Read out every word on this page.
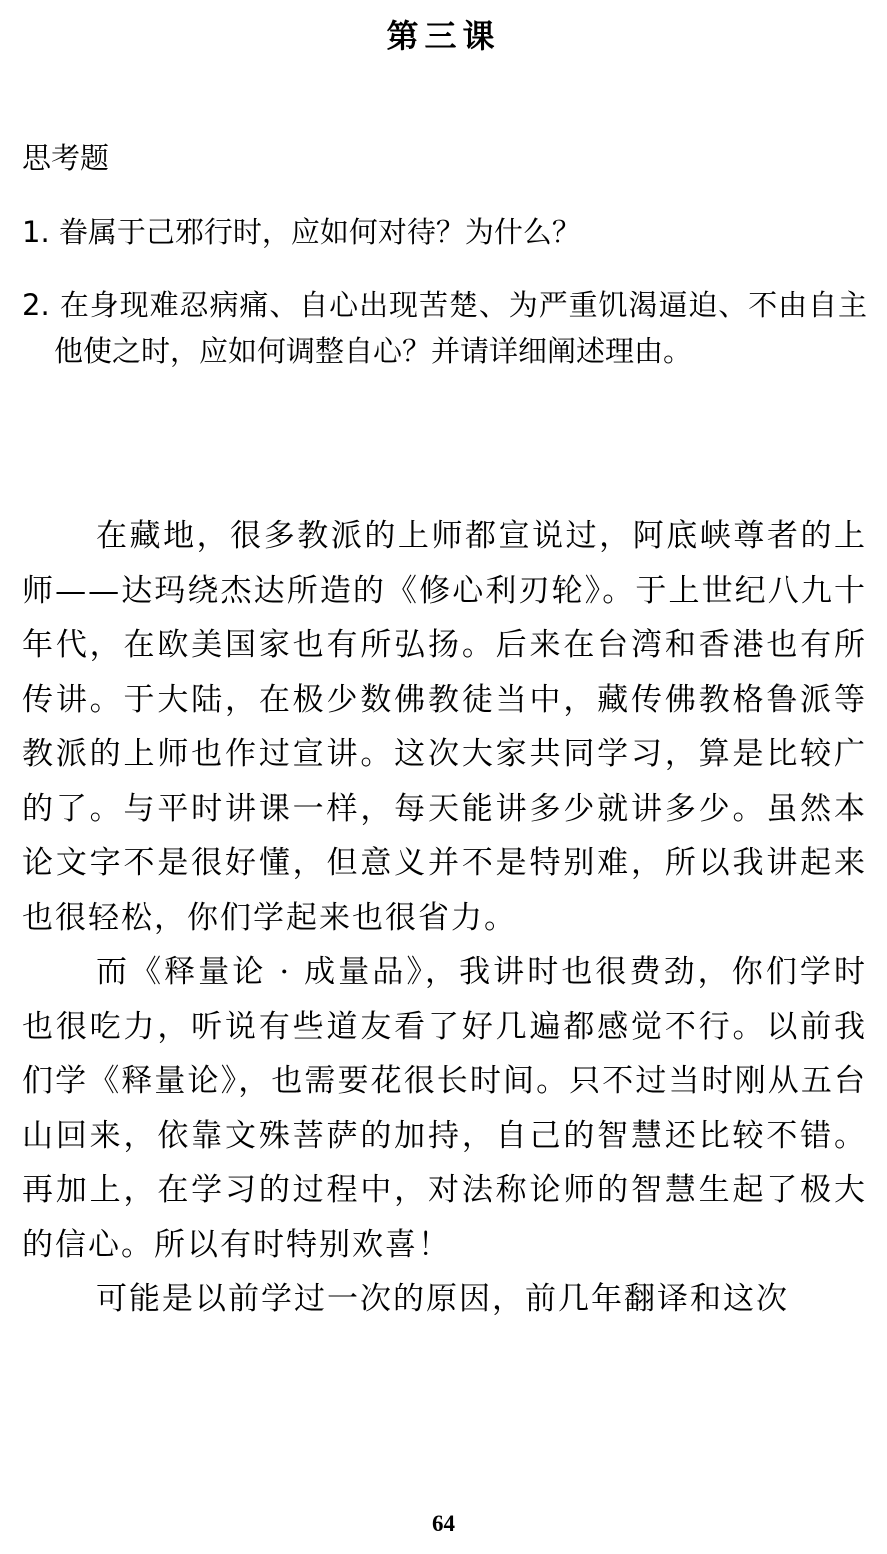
第三课
思考题
1. 眷属于己邪行时，应如何对待？为什么？
2. 在身现难忍病痛、自心出现苦楚、为严重饥渴逼迫、不由自主他使之时，应如何调整自心？并请详细阐述理由。

在藏地，很多教派的上师都宣说过，阿底峡尊者的上师——达玛绕杰达所造的《修心利刃轮》。于上世纪八九十年代，在欧美国家也有所弘扬。后来在台湾和香港也有所传讲。于大陆，在极少数佛教徒当中，藏传佛教格鲁派等教派的上师也作过宣讲。这次大家共同学习，算是比较广的了。与平时讲课一样，每天能讲多少就讲多少。虽然本论文字不是很好懂，但意义并不是特别难，所以我讲起来也很轻松，你们学起来也很省力。

而《释量论 · 成量品》，我讲时也很费劲，你们学时也很吃力，听说有些道友看了好几遍都感觉不行。以前我们学《释量论》，也需要花很长时间。只不过当时刚从五台山回来，依靠文殊菩萨的加持，自己的智慧还比较不错。再加上，在学习的过程中，对法称论师的智慧生起了极大的信心。所以有时特别欢喜！

可能是以前学过一次的原因，前几年翻译和这次

64
